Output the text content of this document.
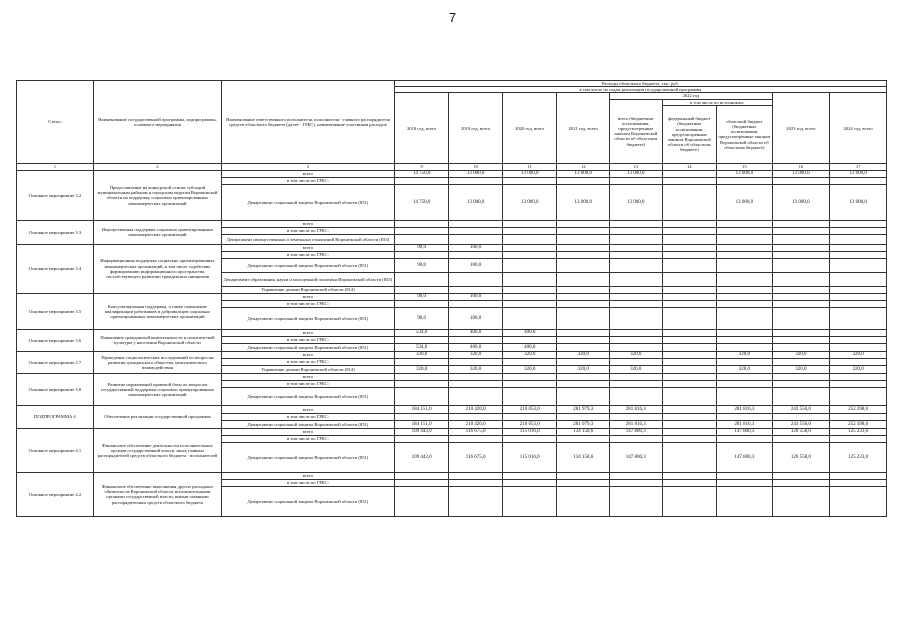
7
Статус	Наименование государственной программы, подпрограммы, основного мероприятия	Наименование ответственного исполнителя, исполнителя - главного распорядителя средств областного бюджета (далее - ГРБС), наименование участников расходов	Расходы областного бюджета, тыс. руб.								
			в том числе по годам реализации государственной программы								
			2018 год, всего	2019 год, всего	2020 год, всего	2021 год, всего	2022 год			2023 год, всего	2024 год, всего
							всего (бюджетные ассигнования, предусмотренные законом Воронежской области об областном бюджете)	в том числе по источникам:			
								федеральный бюджет (бюджетные ассигнования, предусмотренные законом Воронежской области об областном бюджете)	областной бюджет (бюджетные ассигнования, предусмотренные законом Воронежской области об областном бюджете)		
1	2	3	9	10	11	12	13	14	15	16	17
Основное мероприятие 3.2	Предоставление на конкурсной основе субсидий муниципальным районам и городским округам Воронежской области на поддержку социально ориентированных некоммерческих организаций	всего	14 750,0	13 000,0	13 000,0	13 000,0	13 000,0		13 000,0	13 000,0	13 000,0
		в том числе по ГРБС:									
		Департамент социальной защиты Воронежской области (851)	14 750,0	13 000,0	13 000,0	13 000,0	13 000,0		13 000,0	13 000,0	13 000,0
Основное мероприятие 3.3	Имущественная поддержка социально ориентированных некоммерческих организаций	всего									
		в том числе по ГРБС:									
		Департамент имущественных и земельных отношений Воронежской области (833)									
Основное мероприятие 3.4	Информационная поддержка социально ориентированных некоммерческих организаций, в том числе содействие формированию информационного пространства, способствующего развитию гражданских инициатив	всего	90,0	100,0							
		в том числе по ГРБС:									
		Департамент социальной защиты Воронежской области (851)	90,0	100,0							
		Департамент образования, науки и молодежной политики Воронежской области (855)									
		Управление делами Воронежской области (814)									
Основное мероприятие 3.5	Консультационная поддержка, а также повышение квалификации работников и добровольцев социально ориентированных некоммерческих организаций	всего	90,0	100,0							
		в том числе по ГРБС:									
		Департамент социальной защиты Воронежской области (851)	90,0	100,0							
Основное мероприятие 3.6	Повышение гражданской компетентности и политической культуры у населения Воронежской области	всего	534,0	400,0	400,0						
		в том числе по ГРБС:									
		Департамент социальной защиты Воронежской области (851)	534,0	400,0	400,0						
Основное мероприятие 3.7	Проведение социологических исследований по вопросам развития гражданского общества, межэтнического взаимодействия	всего	320,0	320,0	320,0	320,0	320,0		320,0	320,0	320,0
		в том числе по ГРБС:									
		Управление делами Воронежской области (814)	320,0	320,0	320,0	320,0	320,0		320,0	320,0	320,0
Основное мероприятие 3.8	Развитие нормативной правовой базы по вопросам государственной поддержки социально ориентированных некоммерческих организаций	всего									
		в том числе по ГРБС:									
		Департамент социальной защиты Воронежской области (851)									
ПОДПРОГРАММА 4	Обеспечение реализации государственной программы	всего	184 151,0	210 420,0	210 053,0	281 979,3	281 816,3		281 816,3	243 556,0	252 398,6
		в том числе по ГРБС:									
		Департамент социальной защиты Воронежской области (851)	184 151,0	210 420,0	210 053,0	281 979,3	281 816,3		281 816,3	243 556,0	252 398,6
Основное мероприятие 4.1	Финансовое обеспечение деятельности исполнительных органов государственной власти, иных главных распорядителей средств областного бюджета - исполнителей	всего	109 443,0	116 675,0	115 016,0	134 158,6	147 800,3		147 800,3	120 558,0	125 233,0
		в том числе по ГРБС:									
		Департамент социальной защиты Воронежской области (851)	109 443,0	116 675,0	115 016,0	134 158,6	147 800,3		147 800,3	120 558,0	125 233,0
Основное мероприятие 4.2	Финансовое обеспечение выполнения других расходных обязательств Воронежской области исполнительными органами государственной власти, иными главными распорядителями средств областного бюджета	всего									
		в том числе по ГРБС:									
		Департамент социальной защиты Воронежской области (851)									
